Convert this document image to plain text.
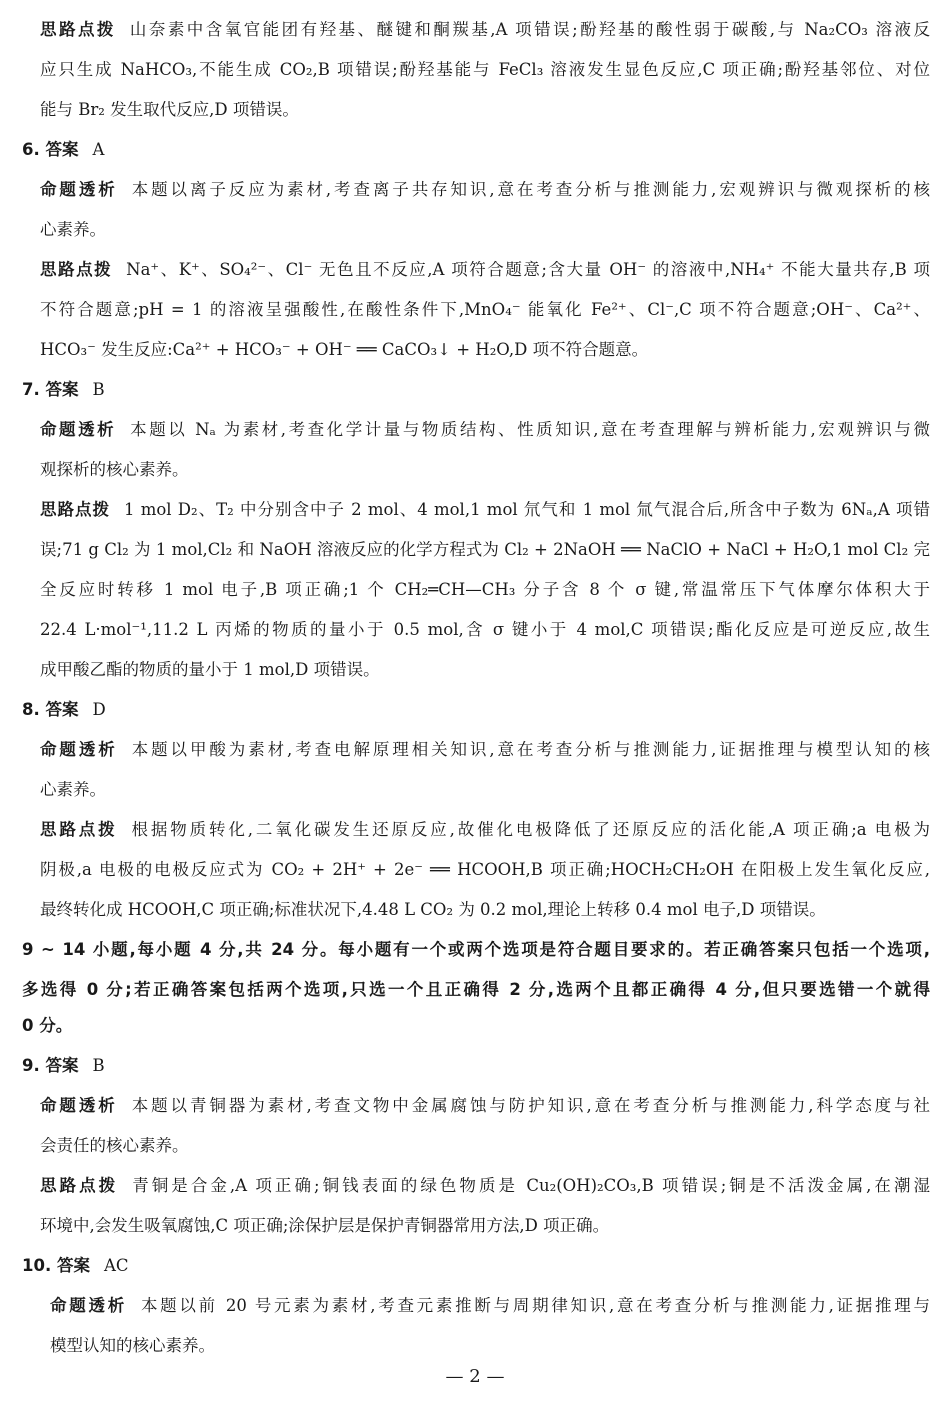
思路点拨 山奈素中含氧官能团有羟基、醚键和酮羰基,A 项错误;酚羟基的酸性弱于碳酸,与 Na₂CO₃ 溶液反
应只生成 NaHCO₃,不能生成 CO₂,B 项错误;酚羟基能与 FeCl₃ 溶液发生显色反应,C 项正确;酚羟基邻位、对位
能与 Br₂ 发生取代反应,D 项错误。
6. 答案 A
命题透析 本题以离子反应为素材,考查离子共存知识,意在考查分析与推测能力,宏观辨识与微观探析的核
心素养。
思路点拨 Na⁺、K⁺、SO₄²⁻、Cl⁻ 无色且不反应,A 项符合题意;含大量 OH⁻ 的溶液中,NH₄⁺ 不能大量共存,B 项
不符合题意;pH = 1 的溶液呈强酸性,在酸性条件下,MnO₄⁻ 能氧化 Fe²⁺、Cl⁻,C 项不符合题意;OH⁻、Ca²⁺、
HCO₃⁻ 发生反应:Ca²⁺ + HCO₃⁻ + OH⁻ ══ CaCO₃↓ + H₂O,D 项不符合题意。
7. 答案 B
命题透析 本题以 Nₐ 为素材,考查化学计量与物质结构、性质知识,意在考查理解与辨析能力,宏观辨识与微
观探析的核心素养。
思路点拨 1 mol D₂、T₂ 中分别含中子 2 mol、4 mol,1 mol 氘气和 1 mol 氚气混合后,所含中子数为 6Nₐ,A 项错
误;71 g Cl₂ 为 1 mol,Cl₂ 和 NaOH 溶液反应的化学方程式为 Cl₂ + 2NaOH ══ NaClO + NaCl + H₂O,1 mol Cl₂ 完
全反应时转移 1 mol 电子,B 项正确;1 个 CH₂═CH—CH₃ 分子含 8 个 σ 键,常温常压下气体摩尔体积大于
22.4 L·mol⁻¹,11.2 L 丙烯的物质的量小于 0.5 mol,含 σ 键小于 4 mol,C 项错误;酯化反应是可逆反应,故生
成甲酸乙酯的物质的量小于 1 mol,D 项错误。
8. 答案 D
命题透析 本题以甲酸为素材,考查电解原理相关知识,意在考查分析与推测能力,证据推理与模型认知的核
心素养。
思路点拨 根据物质转化,二氧化碳发生还原反应,故催化电极降低了还原反应的活化能,A 项正确;a 电极为
阴极,a 电极的电极反应式为 CO₂ + 2H⁺ + 2e⁻ ══ HCOOH,B 项正确;HOCH₂CH₂OH 在阳极上发生氧化反应,
最终转化成 HCOOH,C 项正确;标准状况下,4.48 L CO₂ 为 0.2 mol,理论上转移 0.4 mol 电子,D 项错误。
9 ~ 14 小题,每小题 4 分,共 24 分。每小题有一个或两个选项是符合题目要求的。若正确答案只包括一个选项,
多选得 0 分;若正确答案包括两个选项,只选一个且正确得 2 分,选两个且都正确得 4 分,但只要选错一个就得
0 分。
9. 答案 B
命题透析 本题以青铜器为素材,考查文物中金属腐蚀与防护知识,意在考查分析与推测能力,科学态度与社
会责任的核心素养。
思路点拨 青铜是合金,A 项正确;铜钱表面的绿色物质是 Cu₂(OH)₂CO₃,B 项错误;铜是不活泼金属,在潮湿
环境中,会发生吸氧腐蚀,C 项正确;涂保护层是保护青铜器常用方法,D 项正确。
10. 答案 AC
命题透析 本题以前 20 号元素为素材,考查元素推断与周期律知识,意在考查分析与推测能力,证据推理与
模型认知的核心素养。
— 2 —
